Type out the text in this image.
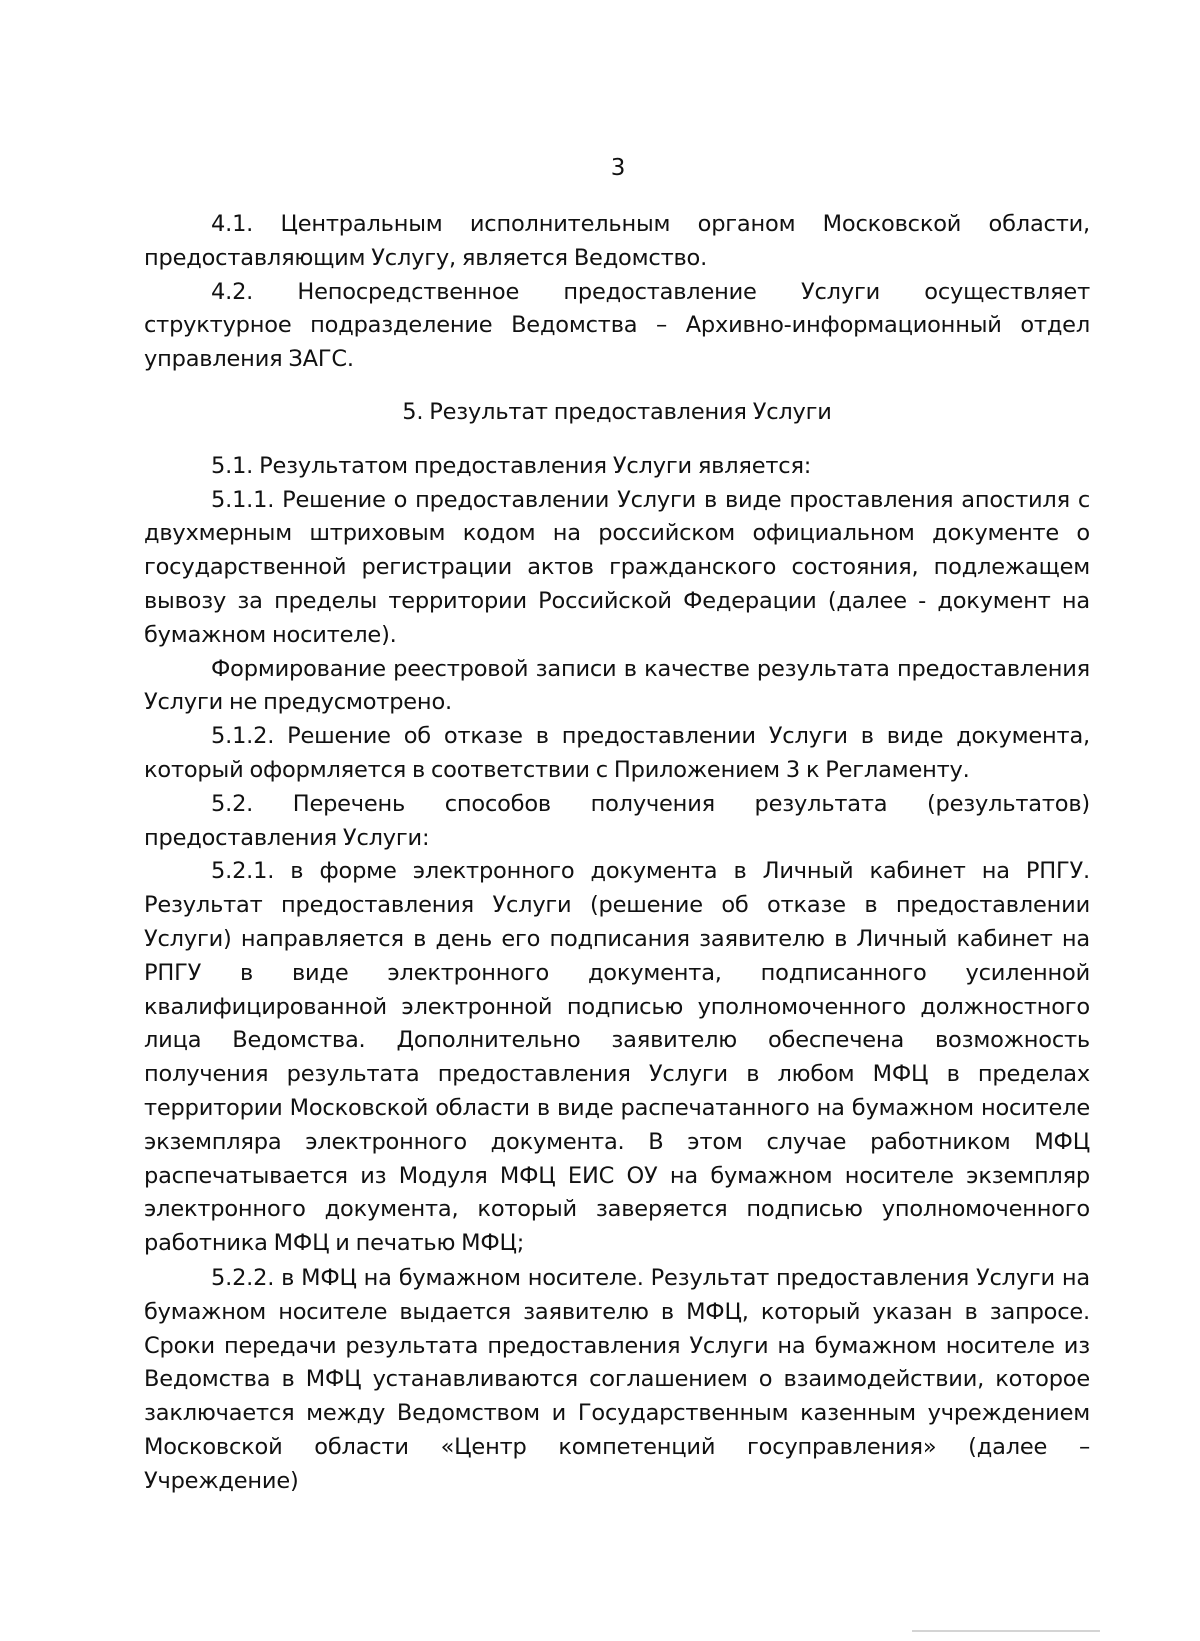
3

4.1. Центральным исполнительным органом Московской области, предоставляющим Услугу, является Ведомство.

4.2. Непосредственное предоставление Услуги осуществляет структурное подразделение Ведомства – Архивно-информационный отдел управления ЗАГС.

5. Результат предоставления Услуги

5.1. Результатом предоставления Услуги является:

5.1.1. Решение о предоставлении Услуги в виде проставления апостиля с двухмерным штриховым кодом на российском официальном документе о государственной регистрации актов гражданского состояния, подлежащем вывозу за пределы территории Российской Федерации (далее - документ на бумажном носителе).

Формирование реестровой записи в качестве результата предоставления Услуги не предусмотрено.

5.1.2. Решение об отказе в предоставлении Услуги в виде документа, который оформляется в соответствии с Приложением 3 к Регламенту.

5.2. Перечень способов получения результата (результатов) предоставления Услуги:

5.2.1. в форме электронного документа в Личный кабинет на РПГУ. Результат предоставления Услуги (решение об отказе в предоставлении Услуги) направляется в день его подписания заявителю в Личный кабинет на РПГУ в виде электронного документа, подписанного усиленной квалифицированной электронной подписью уполномоченного должностного лица Ведомства. Дополнительно заявителю обеспечена возможность получения результата предоставления Услуги в любом МФЦ в пределах территории Московской области в виде распечатанного на бумажном носителе экземпляра электронного документа. В этом случае работником МФЦ распечатывается из Модуля МФЦ ЕИС ОУ на бумажном носителе экземпляр электронного документа, который заверяется подписью уполномоченного работника МФЦ и печатью МФЦ;

5.2.2. в МФЦ на бумажном носителе. Результат предоставления Услуги на бумажном носителе выдается заявителю в МФЦ, который указан в запросе. Сроки передачи результата предоставления Услуги на бумажном носителе из Ведомства в МФЦ устанавливаются соглашением о взаимодействии, которое заключается между Ведомством и Государственным казенным учреждением Московской области «Центр компетенций госуправления» (далее – Учреждение)
